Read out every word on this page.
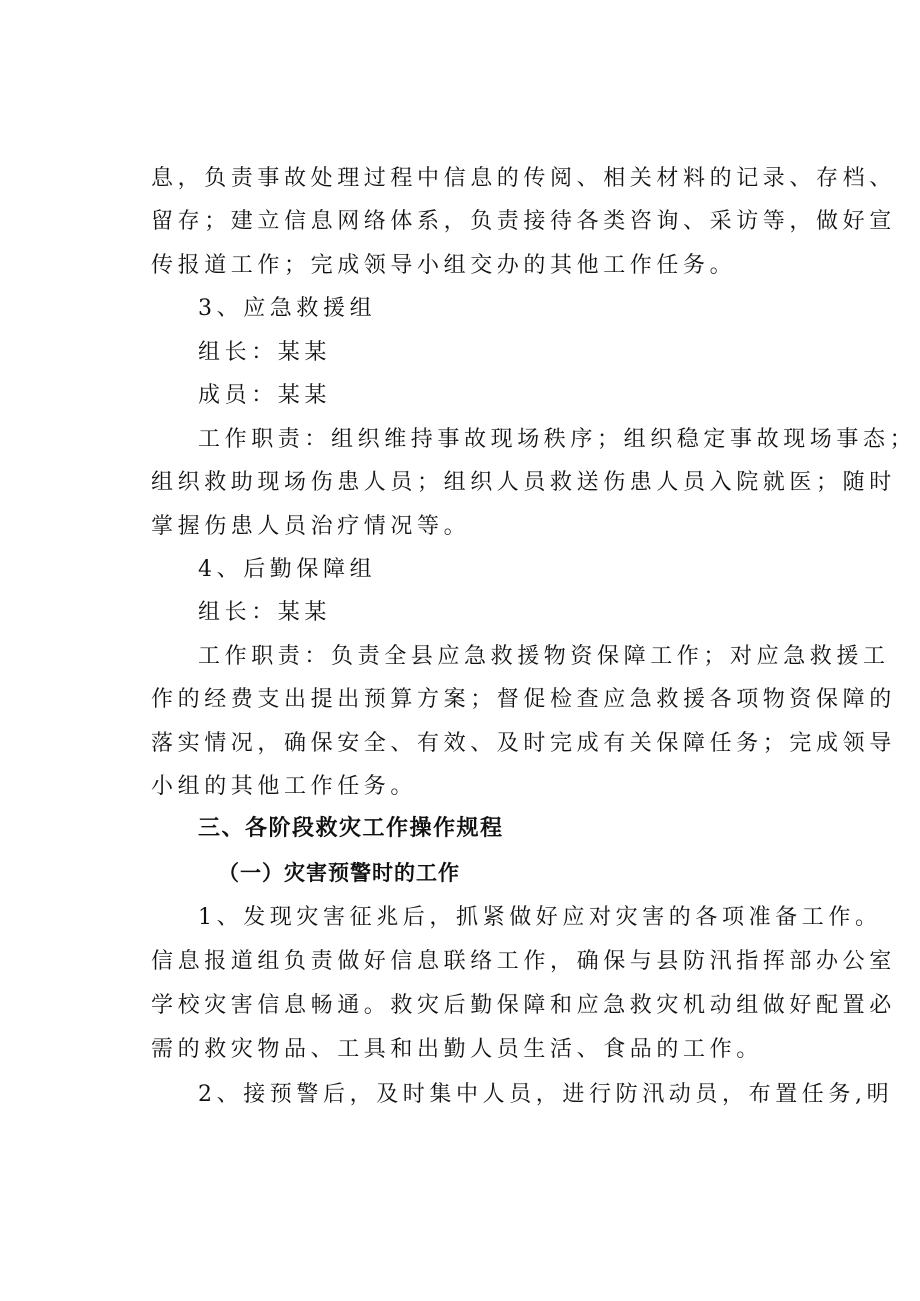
息，负责事故处理过程中信息的传阅、相关材料的记录、存档、
留存；建立信息网络体系，负责接待各类咨询、采访等，做好宣
传报道工作；完成领导小组交办的其他工作任务。
3、应急救援组
组长：某某
成员：某某
工作职责：组织维持事故现场秩序；组织稳定事故现场事态；
组织救助现场伤患人员；组织人员救送伤患人员入院就医；随时
掌握伤患人员治疗情况等。
4、后勤保障组
组长：某某
工作职责：负责全县应急救援物资保障工作；对应急救援工
作的经费支出提出预算方案；督促检查应急救援各项物资保障的
落实情况，确保安全、有效、及时完成有关保障任务；完成领导
小组的其他工作任务。
三、各阶段救灾工作操作规程
（一）灾害预警时的工作
1、发现灾害征兆后，抓紧做好应对灾害的各项准备工作。
信息报道组负责做好信息联络工作，确保与县防汛指挥部办公室
学校灾害信息畅通。救灾后勤保障和应急救灾机动组做好配置必
需的救灾物品、工具和出勤人员生活、食品的工作。
2、接预警后，及时集中人员，进行防汛动员，布置任务,明
